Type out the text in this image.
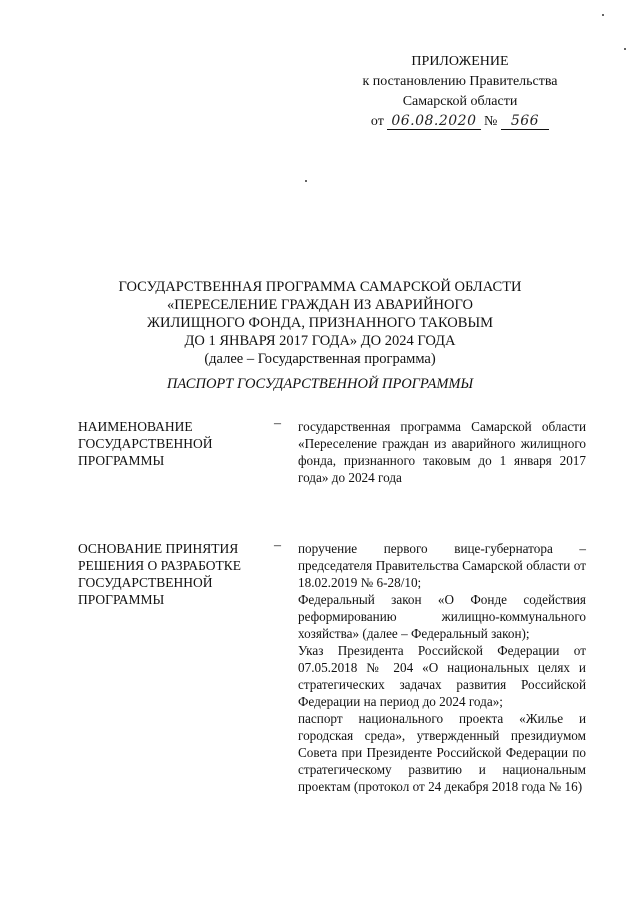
ПРИЛОЖЕНИЕ
к постановлению Правительства
Самарской области
от 06.08.2020 № 566
ГОСУДАРСТВЕННАЯ ПРОГРАММА САМАРСКОЙ ОБЛАСТИ
«ПЕРЕСЕЛЕНИЕ ГРАЖДАН ИЗ АВАРИЙНОГО
ЖИЛИЩНОГО ФОНДА, ПРИЗНАННОГО ТАКОВЫМ
ДО 1 ЯНВАРЯ 2017 ГОДА» ДО 2024 ГОДА
(далее – Государственная программа)
ПАСПОРТ ГОСУДАРСТВЕННОЙ ПРОГРАММЫ
НАИМЕНОВАНИЕ
ГОСУДАРСТВЕННОЙ
ПРОГРАММЫ
–	государственная программа Самарской области «Переселение граждан из аварийного жилищного фонда, признанного таковым до 1 января 2017 года» до 2024 года

ОСНОВАНИЕ ПРИНЯТИЯ
РЕШЕНИЯ О РАЗРАБОТКЕ
ГОСУДАРСТВЕННОЙ
ПРОГРАММЫ
–	поручение первого вице-губернатора – председателя Правительства Самарской области от 18.02.2019 № 6-28/10;

Федеральный закон «О Фонде содействия реформированию жилищно-коммунального хозяйства» (далее – Федеральный закон);

Указ Президента Российской Федерации от 07.05.2018 № 204 «О национальных целях и стратегических задачах развития Российской Федерации на период до 2024 года»;

паспорт национального проекта «Жилье и городская среда», утвержденный президиумом Совета при Президенте Российской Федерации по стратегическому развитию и национальным проектам (протокол от 24 декабря 2018 года № 16)
